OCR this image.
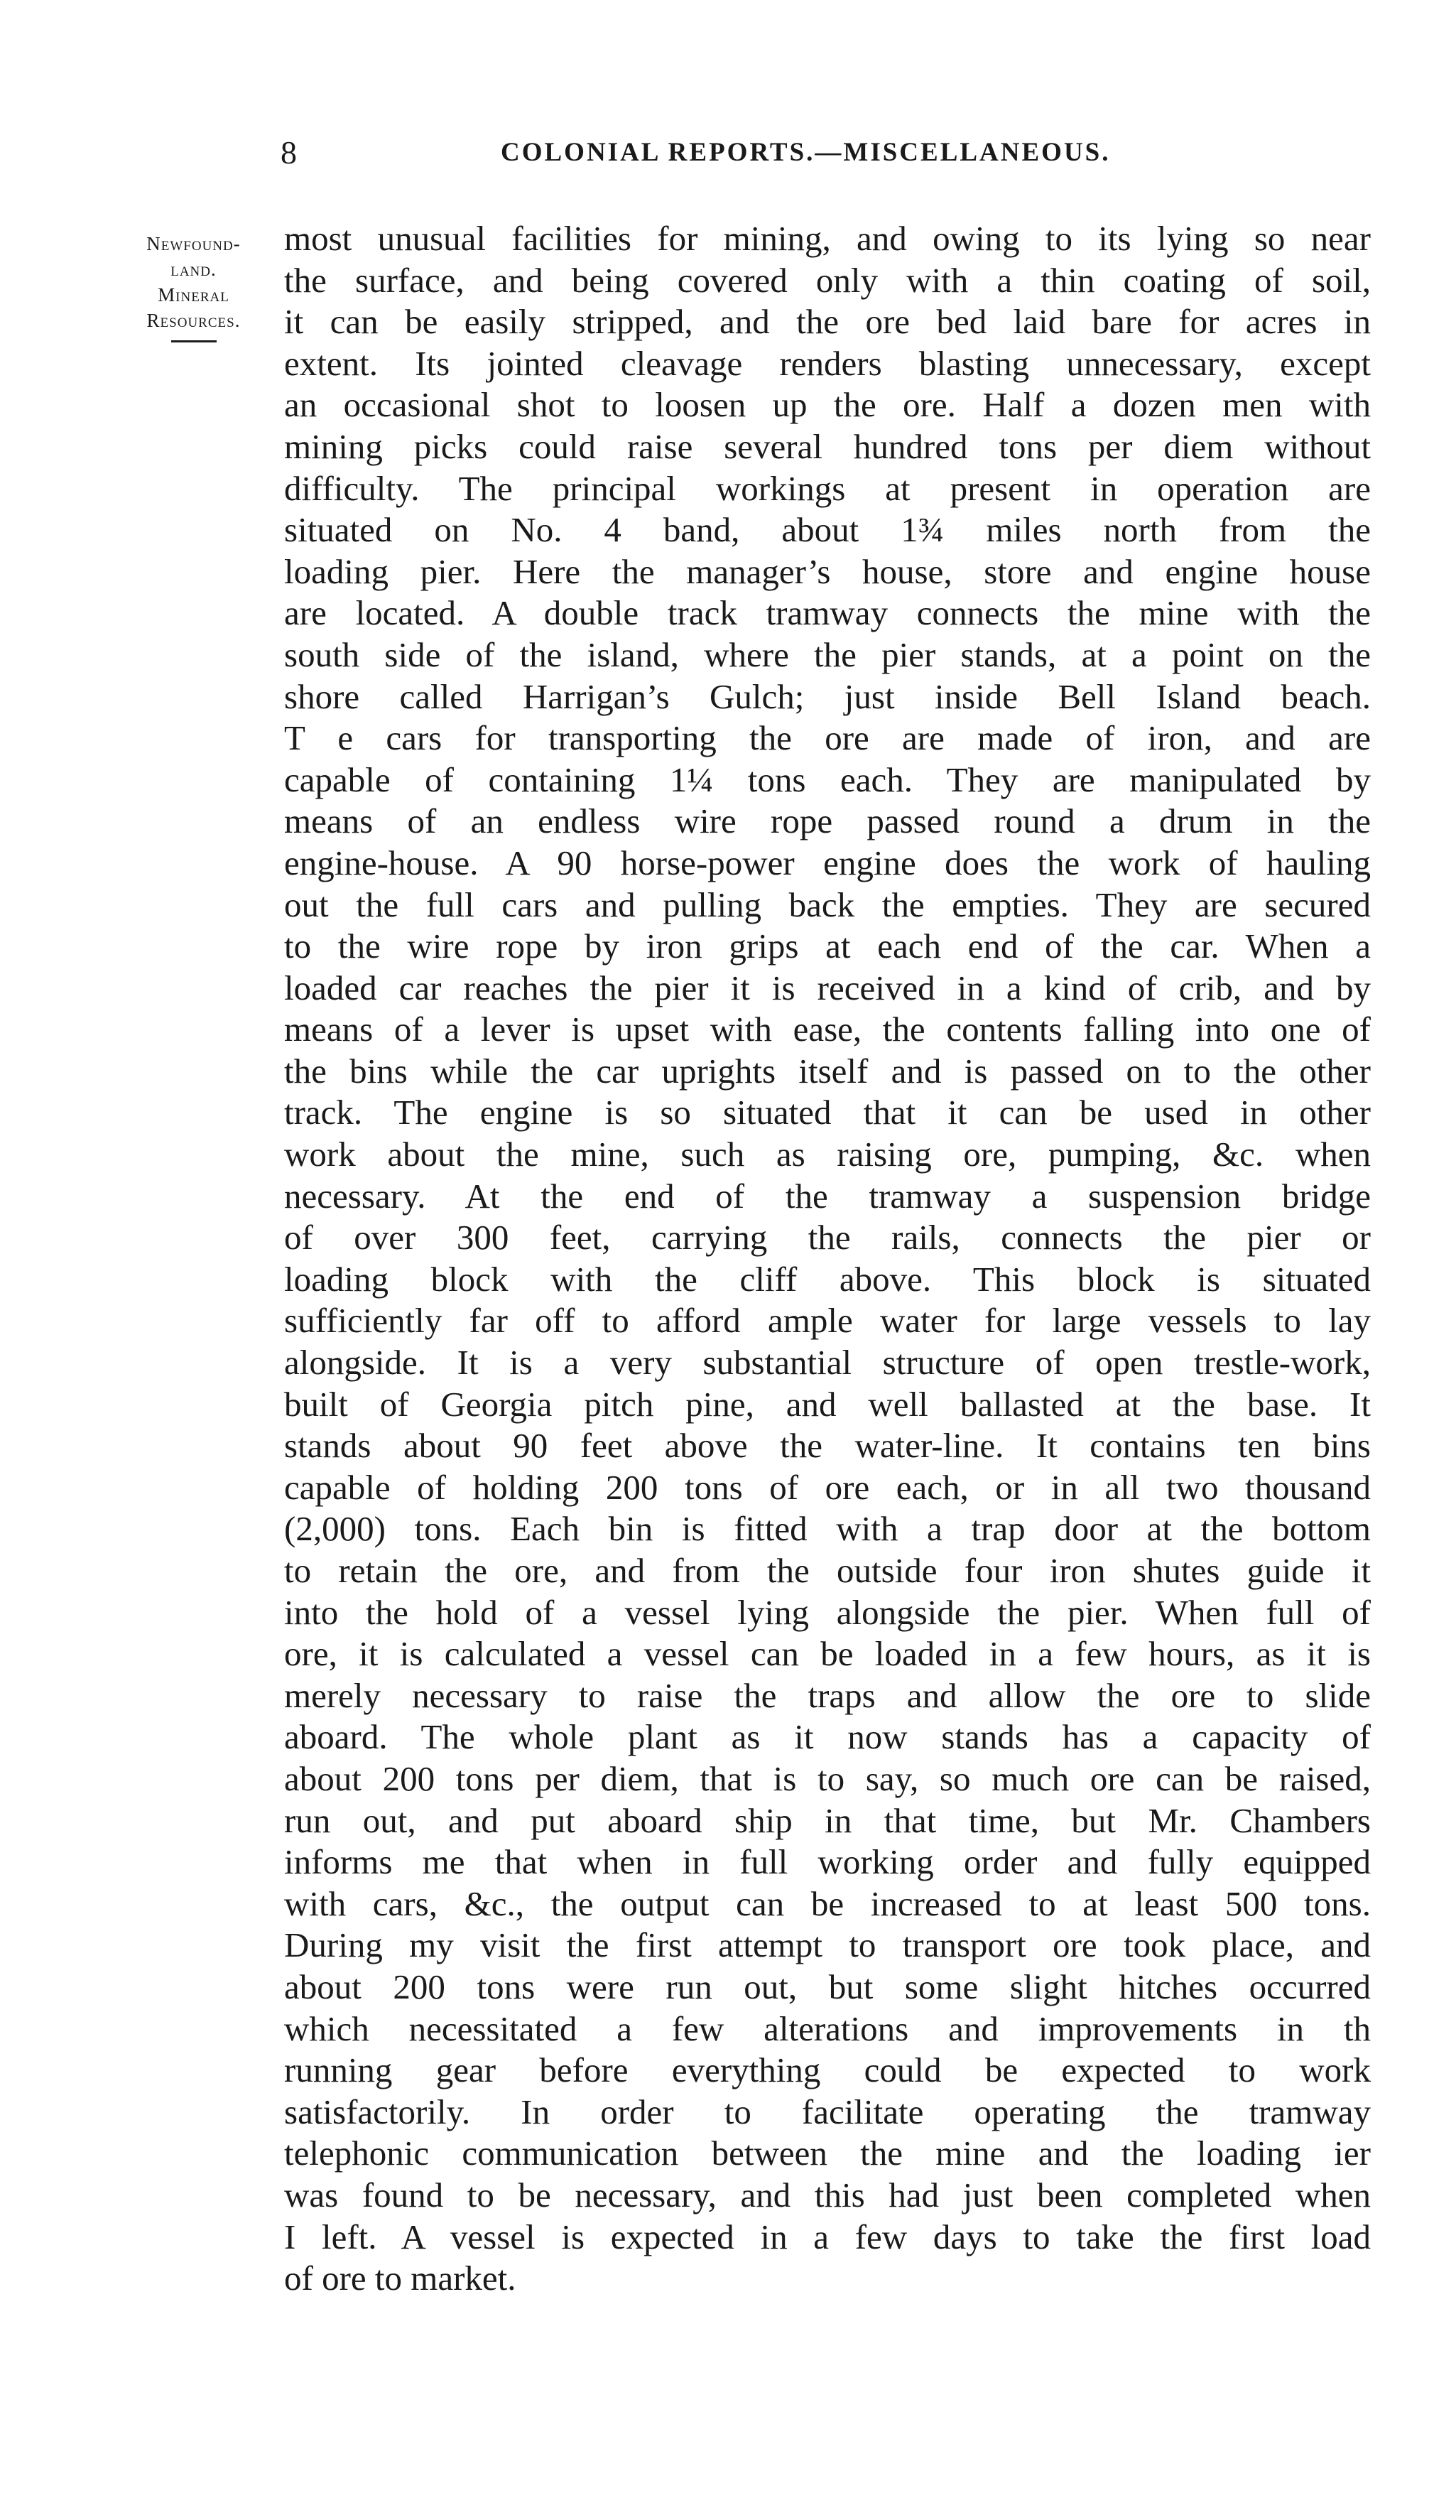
8	COLONIAL REPORTS.—MISCELLANEOUS.
Newfound-
land.
Mineral
Resources.
most unusual facilities for mining, and owing to its lying so near
the surface, and being covered only with a thin coating of soil,
it can be easily stripped, and the ore bed laid bare for acres in
extent. Its jointed cleavage renders blasting unnecessary, except
an occasional shot to loosen up the ore. Half a dozen men with
mining picks could raise several hundred tons per diem without
difficulty. The principal workings at present in operation are
situated on No. 4 band, about 1¾ miles north from the
loading pier. Here the manager’s house, store and engine house
are located. A double track tramway connects the mine with the
south side of the island, where the pier stands, at a point on the
shore called Harrigan’s Gulch; just inside Bell Island beach.
T e cars for transporting the ore are made of iron, and are
capable of containing 1¼ tons each. They are manipulated by
means of an endless wire rope passed round a drum in the
engine-house. A 90 horse-power engine does the work of hauling
out the full cars and pulling back the empties. They are secured
to the wire rope by iron grips at each end of the car. When a
loaded car reaches the pier it is received in a kind of crib, and by
means of a lever is upset with ease, the contents falling into one of
the bins while the car uprights itself and is passed on to the other
track. The engine is so situated that it can be used in other
work about the mine, such as raising ore, pumping, &c. when
necessary. At the end of the tramway a suspension bridge
of over 300 feet, carrying the rails, connects the pier or
loading block with the cliff above. This block is situated
sufficiently far off to afford ample water for large vessels to lay
alongside. It is a very substantial structure of open trestle-work,
built of Georgia pitch pine, and well ballasted at the base. It
stands about 90 feet above the water-line. It contains ten bins
capable of holding 200 tons of ore each, or in all two thousand
(2,000) tons. Each bin is fitted with a trap door at the bottom
to retain the ore, and from the outside four iron shutes guide it
into the hold of a vessel lying alongside the pier. When full of
ore, it is calculated a vessel can be loaded in a few hours, as it is
merely necessary to raise the traps and allow the ore to slide
aboard. The whole plant as it now stands has a capacity of
about 200 tons per diem, that is to say, so much ore can be raised,
run out, and put aboard ship in that time, but Mr. Chambers
informs me that when in full working order and fully equipped
with cars, &c., the output can be increased to at least 500 tons.
During my visit the first attempt to transport ore took place, and
about 200 tons were run out, but some slight hitches occurred
which necessitated a few alterations and improvements in th
running gear before everything could be expected to work
satisfactorily. In order to facilitate operating the tramway
telephonic communication between the mine and the loading ier
was found to be necessary, and this had just been completed when
I left. A vessel is expected in a few days to take the first load
of ore to market.
